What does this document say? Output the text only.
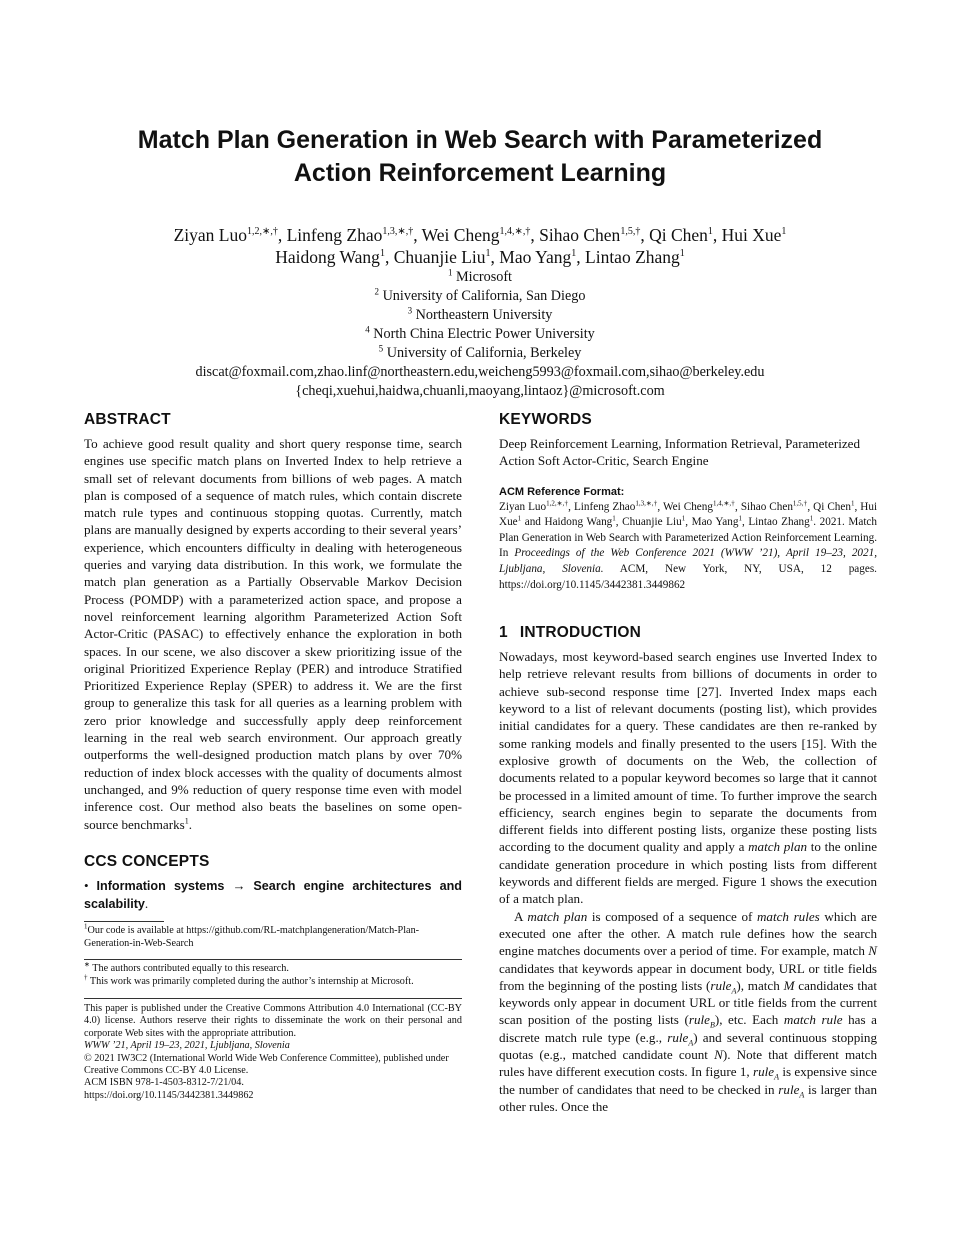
Match Plan Generation in Web Search with Parameterized
Action Reinforcement Learning
Ziyan Luo$^{1,2,∗,\dagger}$, Linfeng Zhao$^{1,3,∗,\dagger}$, Wei Cheng$^{1,4,∗,\dagger}$, Sihao Chen$^{1,5,\dagger}$, Qi Chen$^1$, Hui Xue$^1$
Haidong Wang$^1$, Chuanjie Liu$^1$, Mao Yang$^1$, Lintao Zhang$^1$
$^1$ Microsoft
$^2$ University of California, San Diego
$^3$ Northeastern University
$^4$ North China Electric Power University
$^5$ University of California, Berkeley
discat@foxmail.com,zhao.linf@northeastern.edu,weicheng5993@foxmail.com,sihao@berkeley.edu
{cheqi,xuehui,haidwa,chuanli,maoyang,lintaoz}@microsoft.com
ABSTRACT

To achieve good result quality and short query response time, search engines use specific match plans on Inverted Index to help retrieve a small set of relevant documents from billions of web pages. A match plan is composed of a sequence of match rules, which contain discrete match rule types and continuous stopping quotas. Currently, match plans are manually designed by experts according to their several years’ experience, which encounters difficulty in dealing with heterogeneous queries and varying data distribution. In this work, we formulate the match plan generation as a Partially Observable Markov Decision Process (POMDP) with a parameterized action space, and propose a novel reinforcement learning algorithm Parameterized Action Soft Actor-Critic (PASAC) to effectively enhance the exploration in both spaces. In our scene, we also discover a skew prioritizing issue of the original Prioritized Experience Replay (PER) and introduce Stratified Prioritized Experience Replay (SPER) to address it. We are the first group to generalize this task for all queries as a learning problem with zero prior knowledge and successfully apply deep reinforcement learning in the real web search environment. Our approach greatly outperforms the well-designed production match plans by over 70% reduction of index block accesses with the quality of documents almost unchanged, and 9% reduction of query response time even with model inference cost. Our method also beats the baselines on some open-source benchmarks$^1$.

CCS CONCEPTS

• Information systems → Search engine architectures and scalability.

$^1$Our code is available at https://github.com/RL-matchplangeneration/Match-Plan-Generation-in-Web-Search

∗ The authors contributed equally to this research.

† This work was primarily completed during the author’s internship at Microsoft.

This paper is published under the Creative Commons Attribution 4.0 International (CC-BY 4.0) license. Authors reserve their rights to disseminate the work on their personal and corporate Web sites with the appropriate attribution.

WWW ’21, April 19–23, 2021, Ljubljana, Slovenia

© 2021 IW3C2 (International World Wide Web Conference Committee), published under Creative Commons CC-BY 4.0 License.

ACM ISBN 978-1-4503-8312-7/21/04.

https://doi.org/10.1145/3442381.3449862

KEYWORDS

Deep Reinforcement Learning, Information Retrieval, Parameterized Action Soft Actor-Critic, Search Engine

ACM Reference Format:

Ziyan Luo$^{1,2,∗,\dagger}$, Linfeng Zhao$^{1,3,∗,\dagger}$, Wei Cheng$^{1,4,∗,\dagger}$, Sihao Chen$^{1,5,\dagger}$, Qi Chen$^1$, Hui Xue$^1$ and Haidong Wang$^1$, Chuanjie Liu$^1$, Mao Yang$^1$, Lintao Zhang$^1$. 2021. Match Plan Generation in Web Search with Parameterized Action Reinforcement Learning. In Proceedings of the Web Conference 2021 (WWW ’21), April 19–23, 2021, Ljubljana, Slovenia. ACM, New York, NY, USA, 12 pages. https://doi.org/10.1145/3442381.3449862

1 INTRODUCTION

Nowadays, most keyword-based search engines use Inverted Index to help retrieve relevant results from billions of documents in order to achieve sub-second response time [27]. Inverted Index maps each keyword to a list of relevant documents (posting list), which provides initial candidates for a query. These candidates are then re-ranked by some ranking models and finally presented to the users [15]. With the explosive growth of documents on the Web, the collection of documents related to a popular keyword becomes so large that it cannot be processed in a limited amount of time. To further improve the search efficiency, search engines begin to separate the documents from different fields into different posting lists, organize these posting lists according to the document quality and apply a match plan to the online candidate generation procedure in which posting lists from different keywords and different fields are merged. Figure 1 shows the execution of a match plan.

A match plan is composed of a sequence of match rules which are executed one after the other. A match rule defines how the search engine matches documents over a period of time. For example, match N candidates that keywords appear in document body, URL or title fields from the beginning of the posting lists (rule$_A$), match M candidates that keywords only appear in document URL or title fields from the current scan position of the posting lists (rule$_B$), etc. Each match rule has a discrete match rule type (e.g., rule$_A$) and several continuous stopping quotas (e.g., matched candidate count N). Note that different match rules have different execution costs. In figure 1, rule$_A$ is expensive since the number of candidates that need to be checked in rule$_A$ is larger than other rules. Once the
